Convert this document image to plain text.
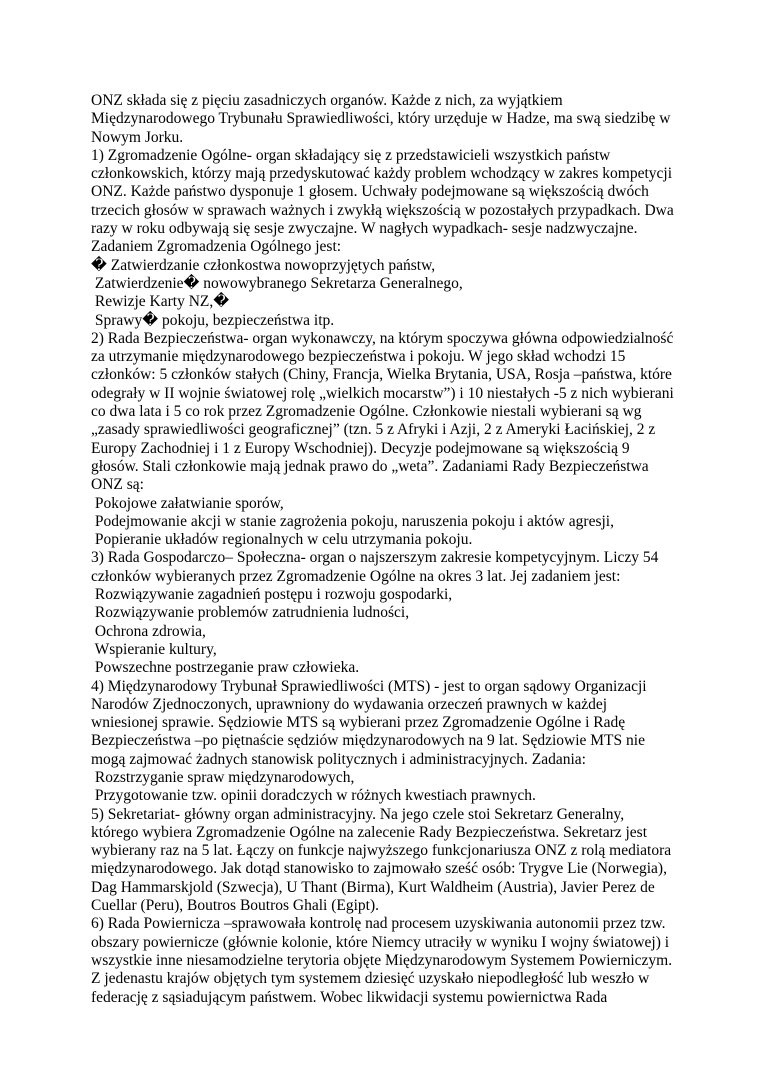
ONZ składa się z pięciu zasadniczych organów. Każde z nich, za wyjątkiem
Międzynarodowego Trybunału Sprawiedliwości, który urzęduje w Hadze, ma swą siedzibę w
Nowym Jorku.
1) Zgromadzenie Ogólne- organ składający się z przedstawicieli wszystkich państw
członkowskich, którzy mają przedyskutować każdy problem wchodzący w zakres kompetycji
ONZ. Każde państwo dysponuje 1 głosem. Uchwały podejmowane są większością dwóch
trzecich głosów w sprawach ważnych i zwykłą większością w pozostałych przypadkach. Dwa
razy w roku odbywają się sesje zwyczajne. W nagłych wypadkach- sesje nadzwyczajne.
Zadaniem Zgromadzenia Ogólnego jest:
� Zatwierdzanie członkostwa nowoprzyjętych państw,
Zatwierdzenie� nowowybranego Sekretarza Generalnego,
Rewizje Karty NZ,�
Sprawy� pokoju, bezpieczeństwa itp.
2) Rada Bezpieczeństwa- organ wykonawczy, na którym spoczywa główna odpowiedzialność
za utrzymanie międzynarodowego bezpieczeństwa i pokoju. W jego skład wchodzi 15
członków: 5 członków stałych (Chiny, Francja, Wielka Brytania, USA, Rosja –państwa, które
odegrały w II wojnie światowej rolę „wielkich mocarstw”) i 10 niestałych -5 z nich wybierani
co dwa lata i 5 co rok przez Zgromadzenie Ogólne. Członkowie niestali wybierani są wg
„zasady sprawiedliwości geograficznej” (tzn. 5 z Afryki i Azji, 2 z Ameryki Łacińskiej, 2 z
Europy Zachodniej i 1 z Europy Wschodniej). Decyzje podejmowane są większością 9
głosów. Stali członkowie mają jednak prawo do „weta”. Zadaniami Rady Bezpieczeństwa
ONZ są:
Pokojowe załatwianie sporów,
Podejmowanie akcji w stanie zagrożenia pokoju, naruszenia pokoju i aktów agresji,
Popieranie układów regionalnych w celu utrzymania pokoju.
3) Rada Gospodarczo– Społeczna- organ o najszerszym zakresie kompetycyjnym. Liczy 54
członków wybieranych przez Zgromadzenie Ogólne na okres 3 lat. Jej zadaniem jest:
Rozwiązywanie zagadnień postępu i rozwoju gospodarki,
Rozwiązywanie problemów zatrudnienia ludności,
Ochrona zdrowia,
Wspieranie kultury,
Powszechne postrzeganie praw człowieka.
4) Międzynarodowy Trybunał Sprawiedliwości (MTS) - jest to organ sądowy Organizacji
Narodów Zjednoczonych, uprawniony do wydawania orzeczeń prawnych w każdej
wniesionej sprawie. Sędziowie MTS są wybierani przez Zgromadzenie Ogólne i Radę
Bezpieczeństwa –po piętnaście sędziów międzynarodowych na 9 lat. Sędziowie MTS nie
mogą zajmować żadnych stanowisk politycznych i administracyjnych. Zadania:
Rozstrzyganie spraw międzynarodowych,
Przygotowanie tzw. opinii doradczych w różnych kwestiach prawnych.
5) Sekretariat- główny organ administracyjny. Na jego czele stoi Sekretarz Generalny,
którego wybiera Zgromadzenie Ogólne na zalecenie Rady Bezpieczeństwa. Sekretarz jest
wybierany raz na 5 lat. Łączy on funkcje najwyższego funkcjonariusza ONZ z rolą mediatora
międzynarodowego. Jak dotąd stanowisko to zajmowało sześć osób: Trygve Lie (Norwegia),
Dag Hammarskjold (Szwecja), U Thant (Birma), Kurt Waldheim (Austria), Javier Perez de
Cuellar (Peru), Boutros Boutros Ghali (Egipt).
6) Rada Powiernicza –sprawowała kontrolę nad procesem uzyskiwania autonomii przez tzw.
obszary powiernicze (głównie kolonie, które Niemcy utraciły w wyniku I wojny światowej) i
wszystkie inne niesamodzielne terytoria objęte Międzynarodowym Systemem Powierniczym.
Z jedenastu krajów objętych tym systemem dziesięć uzyskało niepodległość lub weszło w
federację z sąsiadującym państwem. Wobec likwidacji systemu powiernictwa Rada
